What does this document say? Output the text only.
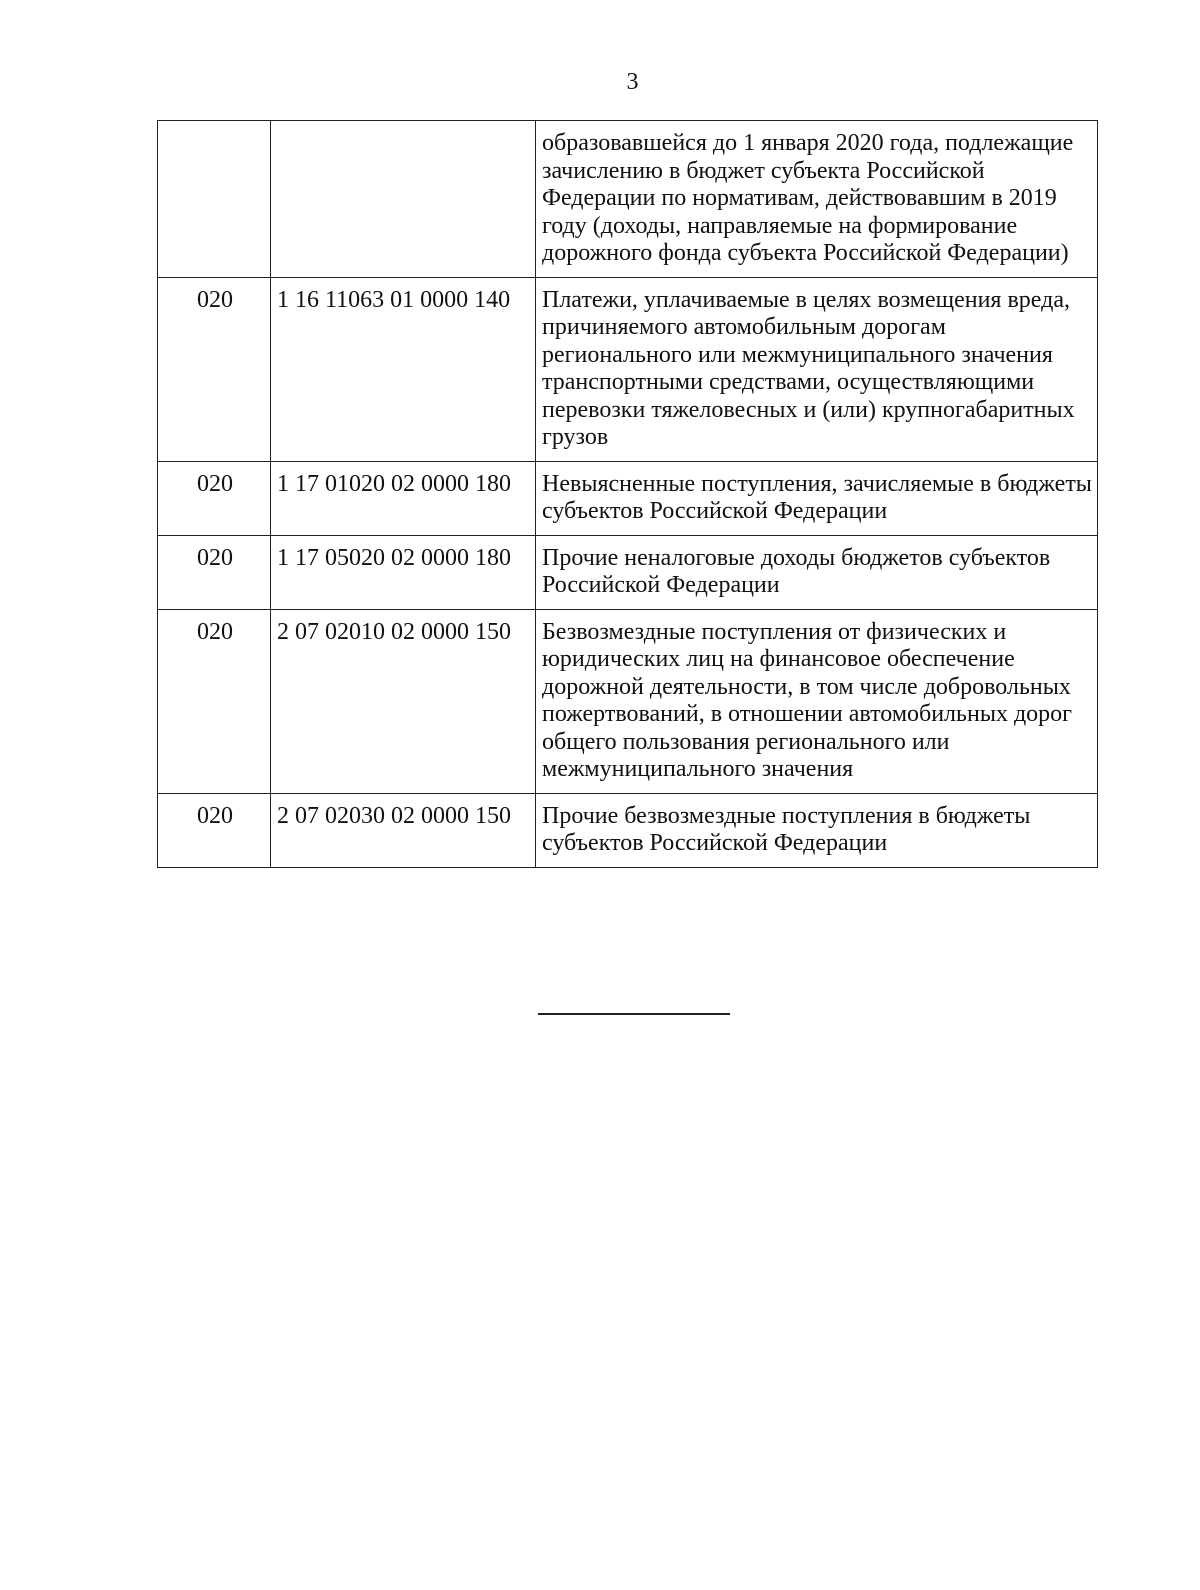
3
		образовавшейся до 1 января 2020 года, подлежащие зачислению в бюджет субъекта Российской Федерации по нормативам, действовавшим в 2019 году (доходы, направляемые на формирование дорожного фонда субъекта Российской Федерации)
020	1 16 11063 01 0000 140	Платежи, уплачиваемые в целях возмещения вреда, причиняемого автомобильным дорогам регионального или межмуниципального значения транспортными средствами, осуществляющими перевозки тяжеловесных и (или) крупногабаритных грузов
020	1 17 01020 02 0000 180	Невыясненные поступления, зачисляемые в бюджеты субъектов Российской Федерации
020	1 17 05020 02 0000 180	Прочие неналоговые доходы бюджетов субъектов Российской Федерации
020	2 07 02010 02 0000 150	Безвозмездные поступления от физических и юридических лиц на финансовое обеспечение дорожной деятельности, в том числе добровольных пожертвований, в отношении автомобильных дорог общего пользования регионального или межмуниципального значения
020	2 07 02030 02 0000 150	Прочие безвозмездные поступления в бюджеты субъектов Российской Федерации
